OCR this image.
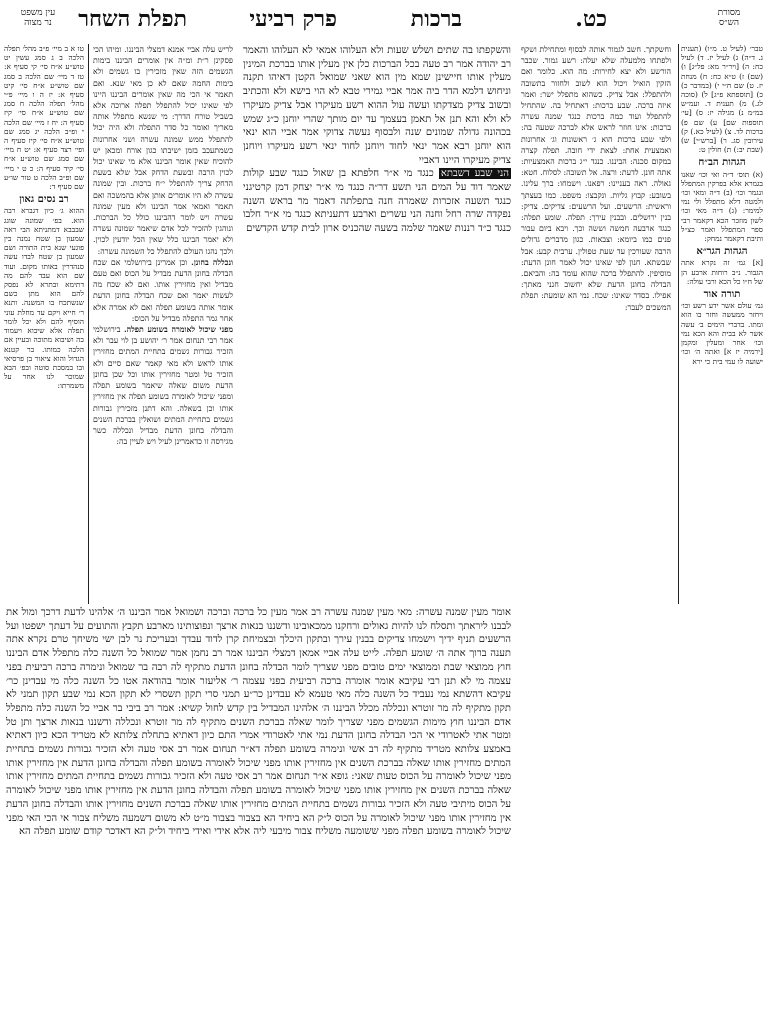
מסורת
הש״ס
כט.
ברכות
פרק רביעי
תפלת השחר
עין משפט
נר מצוה

טבר׳ (לעיל ט. מ״ו) (תענית ג. ד״ה) ג) לעיל יז. ד) לעיל כח: ה) [ויר״ר מא: פל״ג] ו) (שם) ז) ט״א כח: ח) מנחת יז. ט) שם ח״י י) (במדבר כ) כ) [תוספתא פ״ג] ל) (סוכה לג.) מ) תענית ד. ועמ״ש במ״מ נ) מגילה יז: ס) [עי׳ תוספות שם] ע) שם פ) ברכות לד. צ) (לעיל כא.) ק) עירובין סג. ר) [ברש״י] ש) (שבת יב:) ת) חולין ט:

הגהות הב״ח

(א) תוס׳ ד״ה ואי וכו׳ שאנו בגמרא אלא בפרקין המתפלל ונגמר וכו׳ (ב) ד״ה ומאי וכו׳ ולמטה דלא מתפלל ולי נמי למימר: (ג) ד״ה מאי וכו׳ לשון מוזכר הכא דקאמר רבי ספר המתפלל ואמר כצ״ל ותיבת דקאמר נמחק:

הגהות הגר״א

[א] גמ׳ זה נקרא אתה הגבור. נ״ב רוחות ארבע הן של ח״ו כל הכא ורבי עולה:

תורה אור

גמ׳ עולם אשר ידע רשע וכו׳ ויחזר ממעשה וחזר בו הוא ומתו. בדברי הימים ב׳ עשה אשר לא בבית והא הכא נמי וכו׳ אחר ומעלין ומקמן [ירמיה יז א] ואתה ה׳ וכו׳ ישועה לו עמי בית כי ירא

וחשקתך. חשב לגמור אותה לבסוף ומתחילת ושקף ולפתחו מלמעלה שלא יעלה: רשע גמור. שכבר הורשע ולא יצא לחירות: מה הוא. כלומר ואם הזקין הואיל ויכול הוא לשוב ולחזור בתשובה ולהתפלל: אבל צדיק. כשהוא מתפלל ישר: ואמר איזה ברכה. שבע ברכות: דאתחיל בה. שהתחיל להתפלל ועוד כמה ברכות כנגד שמנה עשרה ברכות: אינו חוזר לראש אלא לברכה שטעה בה: ולפי שבע ברכות הוא ג׳ ראשונות וג׳ אחרונות ואמצעית אחת: לצאת ידי חובה. תפלה קצרה במקום סכנה: הביננו. כנגד י״ג ברכות האמצעיות: אתה חונן. לדעת: ורצה. אל תשובה: לסלוח. חטא: גאולה. ראה בעניינו: רפאנו. וישמחו: ברך עלינו. בשובע: קבוץ גליות. ונקבצו: משפט. כמו בעצתך וראשית: הרשעים. ועל הרשעים: צדיקים. צדיק: בנין ירושלים. ובבנין עירך: תפלה. שומע תפלה: כנגד ארבעה חמשה וששה וכך. ויבא ביום עבור פנים כמו ביומא: וצבאות. כגון מדברים גדולים הרבה שעורכין עד שעת טפולין. ערבית קבע: אבל שבשתא. חנון לפי שאינו יכול לאמר חונן הדעת: מוסיפין. להתפלל ברכה שהוא עומד בה: והביאם. הבדלה בחונן הדעת שלא יחשוב חנני מאתך: אפילו. בסדר שאינו: שכח. נמי הא שומעת: תפלת המשכים לעבר:

והשקפתו בה שתים ושלש שעות ולא העלוהו אמאי לא העלוהו והאמר רב יהודה אמר רב טעה בכל הברכות כלן אין מעלין אותו בברכת המינין מעלין אותו חיישינן שמא מין הוא שאני שמואל הקטן דאיהו תקנה וניחוש דלמא הדר ביה אמר אביי גמירי טבא לא הוי בישא ולא והכתיב ובשוב צדיק מצדקתו ועשה עול ההוא רשע מעיקרו אבל צדיק מעיקרו לא ולא והא תנן אל תאמן בעצמך עד יום מותך שהרי יוחנן כ״ג שמש בכהונה גדולה שמונים שנה ולבסוף נעשה צדוקי אמר אביי הוא ינאי הוא יוחנן רבא אמר ינאי לחוד ויוחנן לחוד ינאי רשע מעיקרו ויוחנן צדיק מעיקרו היינו דאביי

הני שבע דשבתא כנגד מי א״ר חלפתא בן שאול כנגד שבע קולות שאמר דוד על המים הני תשע דר״ה כנגד מי א״ר יצחק דמן קרטיגני כנגד תשעה אזכרות שאמרה חנה בתפלתה דאמר מר בראש השנה נפקדה שרה רחל וחנה הני עשרים וארבע דתעניתא כנגד מי א״ר חלבו כנגד כ״ד רננות שאמר שלמה בשעה שהכניס ארון לבית קדש הקדשים

לריש עלה אביי אמנא דמצלי הביננו. ומיהו הכי פסקינן ר״ת ומ״ה אין אומרים הביננו בימות הגשמים הזה שאין מזכירין בו גשמים ולא בימות החמה שאם לא כן מאי שנא. ואם תאמר אי הכי מה שאין אומרים הביננו היינו לפי שאינו יכול להתפלל תפלה ארוכה אלא בשביל טורח הדרך: מי שנשא מתפלל אותה מאריך ואומר כל סדר התפלה ולא היה יכול להתפלל ממש שמונה עשרה ושני אחרונות כשמתעכב בזמן ישיבתו כגון אורח ומכאן יש להוכיח שאין אומר הביננו אלא מי שאינו יכול לכוין הרבה ובשעת הדחק אבל שלא בשעת הדחק צריך להתפלל י״ח ברכות. ובין שמונה עשרה לא היו אומרים אותן אלא בהמשכה ואם תאמר ואמאי אמר הביננו ולא מעין שמונה עשרה ויש לומר דהביננו כולל כל הברכות. ונוהגין להזכיר לכל אדם שיאמר שמונה עשרה ולא יאמר הביננו כלל שאין הכל יודעין לכוין. ולכך נהגו העולם להתפלל כל השמונה עשרה:

ונכללה בחונן. וכן אמרינן בירושלמי אם שכח הבדלה בחונן הדעת מבדיל על הכוס ואם טעם מבדיל ואין מחזירין אותו. ואם לא שכח מה לעשות יאמר ואם שכח הבדלה בחונן הדעת אומר אותה בשומע תפלה ואם לא אמרה אלא אחר גמר התפלה מבדיל על הכוס:

מפני שיכול לאומרה בשומע תפלה. בירושלמי אמר רבי תנחום אמר ר׳ יהושע בן לוי עבר ולא הזכיר גבורות גשמים בתחיית המתים מחזירין אותו לראש ולא מאי קאמר שאם סיים ולא הזכיר טל ומטר מחזירין אותו וכל שכן בחונן הדעת משום שאלה שיאמר בשומע תפלה ומפני שיכול לאומרה בשומע תפלה אין מחזירין אותו וכן בשאלה. והא דתנן מזכירין גבורות גשמים בתחיית המתים ושואלין בברכת השנים והבדלה בחונן הדעת מבדיל ונכללה כשר מגירסה זו כדאמרינן לעיל ויש לעיין בה:

טו א ב מיי׳ פ״ב מהל׳ תפלה הלכה ב ג סמג עשין יט טוש״ע א״ח סי׳ קי סעיף א: טז ד מיי׳ שם הלכה ב סמג שם טוש״ע א״ח סי׳ קיט סעיף א: יז ה ו מיי׳ פ״י מהל׳ תפלה הלכה ח סמג שם טוש״ע א״ח סי׳ קיז סעיף ה: יח ז מיי׳ שם הלכה י ופ״ב הלכה יג סמג שם טוש״ע א״ח סי׳ קיז סעיף ה ופי׳ רצד סעיף א: יט ח מיי׳ שם סמג שם טוש״ע א״ח סי׳ קיד סעיף ה: כ ט י מיי׳ שם ופ״ב הלכה ט טור שו״ע שם סעיף ד:

רב נסים גאון

ההוא ג׳ כיון דגברא רבה הוא. בפ׳ שמונה שוגג שבבבא דמתניתא הבי ראה שמעון בן שטח נמנה בין פוגעי שנא בית התורה ושם שמעון בן שטח לבדו עשה סנהדרין באותו מקום. ועוד שם הוא עבד להם מה דתימא ובתרא לא נפסק להם הוא מתן כשם שנשתכח בו המשנה. ותנא ר׳ חייא ויקם עד מחלת עוני הוסיף להם ולא יכל לומר תפלה אלא שיבוא ויעמוד בה ושיבוא מתוכה ובעיין אם הלכה כמותו. בר קטנא הגדול והוא ציאור בן פרסיאי ובו במסכת סוטה ובפ׳ הבא שמוכר לנו אחר על משמרתו:

אומר מעין שמנה עשרה: מאי מעין שמנה עשרה רב אמר מעין כל ברכה וברכה ושמואל אמר הביננו ה׳ אלהינו לדעת דרכך ומול את לבבנו ליראתך ותסלח לנו להיות גאולים ורחקנו ממכאובינו ודשננו בנאות ארצך ונפוצותינו מארבע תקבץ והתועים על דעתך ישפטו ועל הרשעים תניף ידיך וישמחו צדיקים בבנין עירך ובתקון היכלך ובצמיחת קרן לדוד עבדך ובעריכת נר לבן ישי משיחך טרם נקרא אתה תענה ברוך אתה ה׳ שומע תפלה. לייט עלה אביי אמאן דמצלי הביננו אמר רב נחמן אמר שמואל כל השנה כלה מתפלל אדם הביננו חוץ ממוצאי שבת וממוצאי ימים טובים מפני שצריך לומר הבדלה בחונן הדעת מתקיף לה רבה בר שמואל ונימרה ברכה רביעית בפני עצמה מי לא תנן רבי עקיבא אומר אומרה ברכה רביעית בפני עצמה ר׳ אליעזר אומר בהודאה אטו כל השנה כלה מי עבדינן כר׳ עקיבא דהשתא נמי נעביד כל השנה כלה מאי טעמא לא עבדינן כר״ע תמני סרי תקון תשסרי לא תקון הכא נמי שבע תקון תמני לא תקון מתקיף לה מר זוטרא ונכללה מכלל הביננו ה׳ אלהינו המבדיל בין קדש לחול קשיא: אמר רב ביבי בר אביי כל השנה כלה מתפלל אדם הביננו חוץ מימות הגשמים מפני שצריך לומר שאלה בברכת השנים מתקיף לה מר זוטרא ונכללה ודשננו בנאות ארצך ותן טל ומטר אתי לאטרודי אי הכי הבדלה בחונן הדעת נמי אתי לאטרודי אמרי התם כיון דאתיא בתחלת צלותא לא מטריד הכא כיון דאתיא באמצע צלותא מטריד מתקיף לה רב אשי ונימרה בשומע תפלה דא״ר תנחום אמר רב אסי טעה ולא הזכיר גבורות גשמים בתחיית המתים מחזירין אותו שאלה בברכת השנים אין מחזירין אותו מפני שיכול לאומרה בשומע תפלה והבדלה בחונן הדעת אין מחזירין אותו מפני שיכול לאומרה על הכוס טעות שאני: גופא א״ר תנחום אמר רב אסי טעה ולא הזכיר גבורות גשמים בתחיית המתים מחזירין אותו שאלה בברכת השנים אין מחזירין אותו מפני שיכול לאומרה בשומע תפלה והבדלה בחונן הדעת אין מחזירין אותו מפני שיכול לאומרה על הכוס מיתיבי טעה ולא הזכיר גבורות גשמים בתחיית המתים מחזירין אותו שאלה בברכת השנים מחזירין אותו והבדלה בחונן הדעת אין מחזירין אותו מפני שיכול לאומרה על הכוס ל״ק הא ביחיד הא בצבור בצבור מ״ט לא משום דשמעה משליח צבור אי הכי האי מפני שיכול לאומרה בשומע תפלה מפני ששומעה משליח צבור מיבעי ליה אלא אידי ואידי ביחיד ול״ק הא דאדכר קודם שומע תפלה הא
